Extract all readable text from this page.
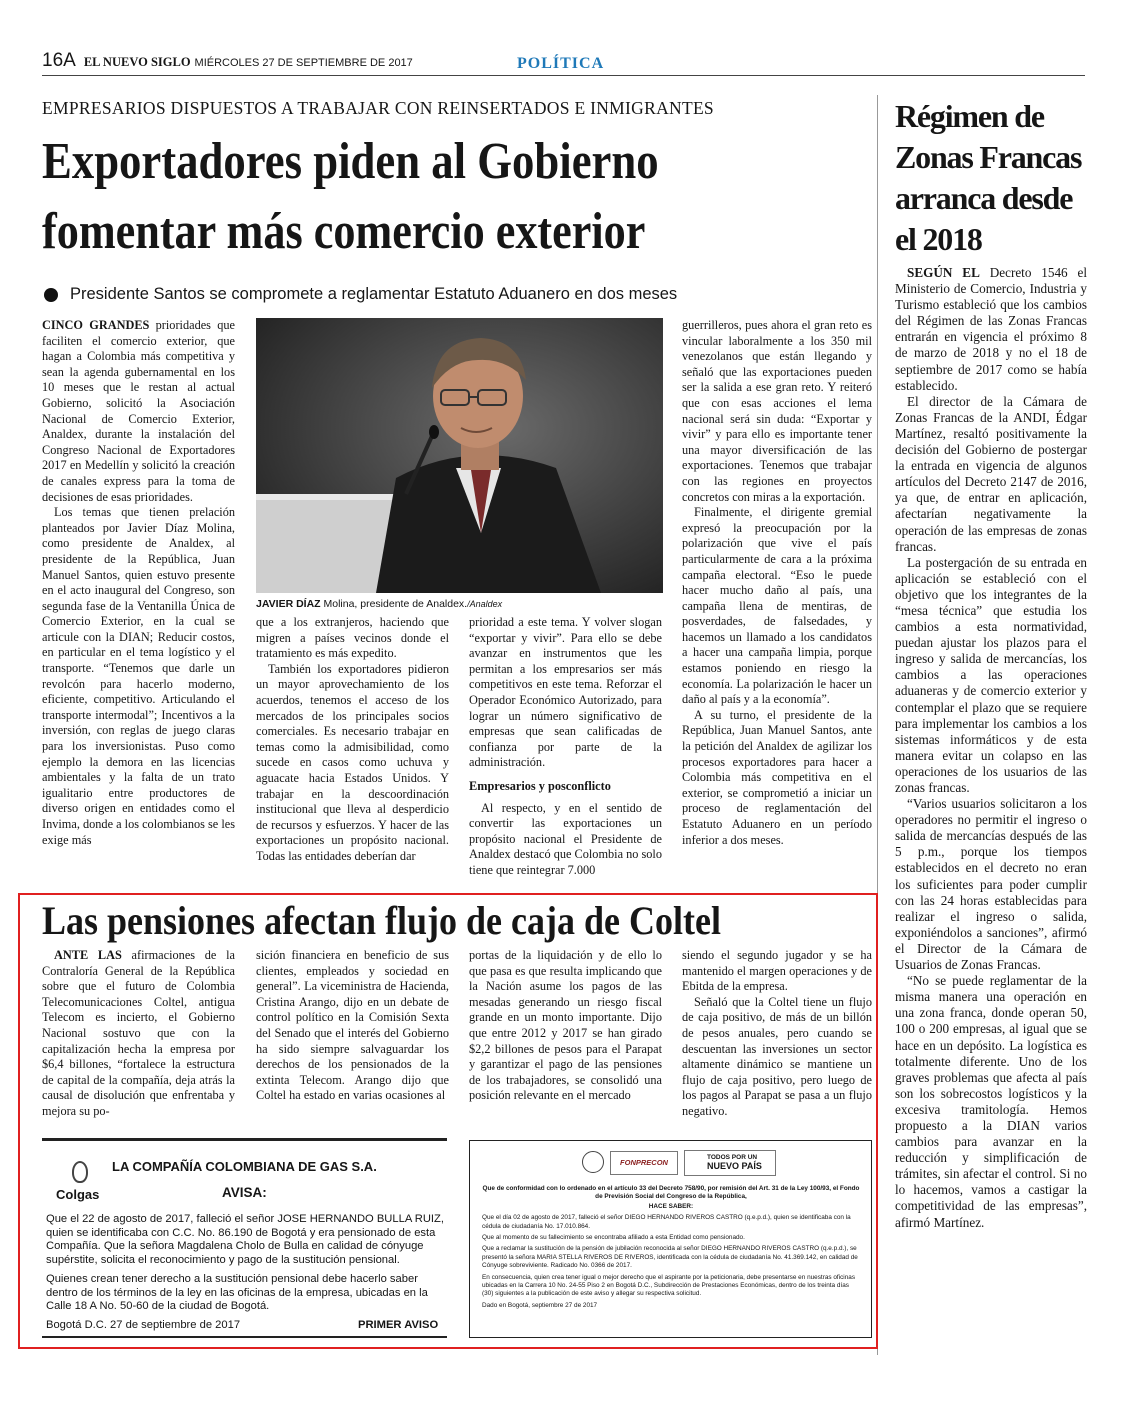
16A EL NUEVO SIGLO MIÉRCOLES 27 DE SEPTIEMBRE DE 2017	POLÍTICA
EMPRESARIOS DISPUESTOS A TRABAJAR CON REINSERTADOS E INMIGRANTES
Exportadores piden al Gobierno
fomentar más comercio exterior
Presidente Santos se compromete a reglamentar Estatuto Aduanero en dos meses

CINCO GRANDES prioridades que faciliten el comercio exterior, que hagan a Colombia más competitiva y sean la agenda gubernamental en los 10 meses que le restan al actual Gobierno, solicitó la Asociación Nacional de Comercio Exterior, Analdex, durante la instalación del Congreso Nacional de Exportadores 2017 en Medellín y solicitó la creación de canales express para la toma de decisiones de esas prioridades.

Los temas que tienen prelación planteados por Javier Díaz Molina, como presidente de Analdex, al presidente de la República, Juan Manuel Santos, quien estuvo presente en el acto inaugural del Congreso, son segunda fase de la Ventanilla Única de Comercio Exterior, en la cual se articule con la DIAN; Reducir costos, en particular en el tema logístico y el transporte. “Tenemos que darle un revolcón para hacerlo moderno, eficiente, competitivo. Articulando el transporte intermodal”; Incentivos a la inversión, con reglas de juego claras para los inversionistas. Puso como ejemplo la demora en las licencias ambientales y la falta de un trato igualitario entre productores de diverso origen en entidades como el Invima, donde a los colombianos se les exige más

JAVIER DÍAZ Molina, presidente de Analdex./Analdex

que a los extranjeros, haciendo que migren a países vecinos donde el tratamiento es más expedito.

También los exportadores pidieron un mayor aprovechamiento de los acuerdos, tenemos el acceso de los mercados de los principales socios comerciales. Es necesario trabajar en temas como la admisibilidad, como sucede en casos como uchuva y aguacate hacia Estados Unidos. Y trabajar en la descoordinación institucional que lleva al desperdicio de recursos y esfuerzos. Y hacer de las exportaciones un propósito nacional. Todas las entidades deberían dar

prioridad a este tema. Y volver slogan “exportar y vivir”. Para ello se debe avanzar en instrumentos que les permitan a los empresarios ser más competitivos en este tema. Reforzar el Operador Económico Autorizado, para lograr un número significativo de empresas que sean calificadas de confianza por parte de la administración.

Empresarios y posconflicto

Al respecto, y en el sentido de convertir las exportaciones un propósito nacional el Presidente de Analdex destacó que Colombia no solo tiene que reintegrar 7.000

guerrilleros, pues ahora el gran reto es vincular laboralmente a los 350 mil venezolanos que están llegando y señaló que las exportaciones pueden ser la salida a ese gran reto. Y reiteró que con esas acciones el lema nacional será sin duda: “Exportar y vivir” y para ello es importante tener una mayor diversificación de las exportaciones. Tenemos que trabajar con las regiones en proyectos concretos con miras a la exportación.

Finalmente, el dirigente gremial expresó la preocupación por la polarización que vive el país particularmente de cara a la próxima campaña electoral. “Eso le puede hacer mucho daño al país, una campaña llena de mentiras, de posverdades, de falsedades, y hacemos un llamado a los candidatos a hacer una campaña limpia, porque estamos poniendo en riesgo la economía. La polarización le hacer un daño al país y a la economía”.

A su turno, el presidente de la República, Juan Manuel Santos, ante la petición del Analdex de agilizar los procesos exportadores para hacer a Colombia más competitiva en el exterior, se comprometió a iniciar un proceso de reglamentación del Estatuto Aduanero en un período inferior a dos meses.

Régimen de Zonas Francas arranca desde el 2018

SEGÚN EL Decreto 1546 el Ministerio de Comercio, Industria y Turismo estableció que los cambios del Régimen de las Zonas Francas entrarán en vigencia el próximo 8 de marzo de 2018 y no el 18 de septiembre de 2017 como se había establecido.

El director de la Cámara de Zonas Francas de la ANDI, Édgar Martínez, resaltó positivamente la decisión del Gobierno de postergar la entrada en vigencia de algunos artículos del Decreto 2147 de 2016, ya que, de entrar en aplicación, afectarían negativamente la operación de las empresas de zonas francas.

La postergación de su entrada en aplicación se estableció con el objetivo que los integrantes de la “mesa técnica” que estudia los cambios a esta normatividad, puedan ajustar los plazos para el ingreso y salida de mercancías, los cambios a las operaciones aduaneras y de comercio exterior y contemplar el plazo que se requiere para implementar los cambios a los sistemas informáticos y de esta manera evitar un colapso en las operaciones de los usuarios de las zonas francas.

“Varios usuarios solicitaron a los operadores no permitir el ingreso o salida de mercancías después de las 5 p.m., porque los tiempos establecidos en el decreto no eran los suficientes para poder cumplir con las 24 horas establecidas para realizar el ingreso o salida, exponiéndolos a sanciones”, afirmó el Director de la Cámara de Usuarios de Zonas Francas.

“No se puede reglamentar de la misma manera una operación en una zona franca, donde operan 50, 100 o 200 empresas, al igual que se hace en un depósito. La logística es totalmente diferente. Uno de los graves problemas que afecta al país son los sobrecostos logísticos y la excesiva tramitología. Hemos propuesto a la DIAN varios cambios para avanzar en la reducción y simplificación de trámites, sin afectar el control. Si no lo hacemos, vamos a castigar la competitividad de las empresas”, afirmó Martínez.

Las pensiones afectan flujo de caja de Coltel

ANTE LAS afirmaciones de la Contraloría General de la República sobre que el futuro de Colombia Telecomunicaciones Coltel, antigua Telecom es incierto, el Gobierno Nacional sostuvo que con la capitalización hecha la empresa por $6,4 billones, “fortalece la estructura de capital de la compañía, deja atrás la causal de disolución que enfrentaba y mejora su po-

sición financiera en beneficio de sus clientes, empleados y sociedad en general”. La viceministra de Hacienda, Cristina Arango, dijo en un debate de control político en la Comisión Sexta del Senado que el interés del Gobierno ha sido siempre salvaguardar los derechos de los pensionados de la extinta Telecom. Arango dijo que Coltel ha estado en varias ocasiones al

portas de la liquidación y de ello lo que pasa es que resulta implicando que la Nación asume los pagos de las mesadas generando un riesgo fiscal grande en un monto importante. Dijo que entre 2012 y 2017 se han girado $2,2 billones de pesos para el Parapat y garantizar el pago de las pensiones de los trabajadores, se consolidó una posición relevante en el mercado

siendo el segundo jugador y se ha mantenido el margen operaciones y de Ebitda de la empresa.

Señaló que la Coltel tiene un flujo de caja positivo, de más de un billón de pesos anuales, pero cuando se descuentan las inversiones un sector altamente dinámico se mantiene un flujo de caja positivo, pero luego de los pagos al Parapat se pasa a un flujo negativo.

Colgas
LA COMPAÑÍA COLOMBIANA DE GAS S.A.
AVISA:

Que el 22 de agosto de 2017, falleció el señor JOSE HERNANDO BULLA RUIZ, quien se identificaba con C.C. No. 86.190 de Bogotá y era pensionado de esta Compañía. Que la señora Magdalena Cholo de Bulla en calidad de cónyuge supérstite, solicita el reconocimiento y pago de la sustitución pensional.

Quienes crean tener derecho a la sustitución pensional debe hacerlo saber dentro de los términos de la ley en las oficinas de la empresa, ubicadas en la Calle 18 A No. 50-60 de la ciudad de Bogotá.

Bogotá D.C. 27 de septiembre de 2017	PRIMER AVISO
FONPRECON
TODOS POR UN
NUEVO PAÍS

Que de conformidad con lo ordenado en el artículo 33 del Decreto 758/90, por remisión del Art. 31 de la Ley 100/93, el Fondo de Previsión Social del Congreso de la República,

HACE SABER:

Que el día 02 de agosto de 2017, falleció el señor DIEGO HERNANDO RIVEROS CASTRO (q.e.p.d.), quien se identificaba con la cédula de ciudadanía No. 17.010.864.

Que al momento de su fallecimiento se encontraba afiliado a esta Entidad como pensionado.

Que a reclamar la sustitución de la pensión de jubilación reconocida al señor DIEGO HERNANDO RIVEROS CASTRO (q.e.p.d.), se presentó la señora MARIA STELLA RIVEROS DE RIVEROS, identificada con la cédula de ciudadanía No. 41.369.142, en calidad de Cónyuge sobreviviente. Radicado No. 0366 de 2017.

En consecuencia, quien crea tener igual o mejor derecho que el aspirante por la peticionaria, debe presentarse en nuestras oficinas ubicadas en la Carrera 10 No. 24-55 Piso 2 en Bogotá D.C., Subdirección de Prestaciones Económicas, dentro de los treinta días (30) siguientes a la publicación de este aviso y allegar su respectiva solicitud.

Dado en Bogotá, septiembre 27 de 2017
